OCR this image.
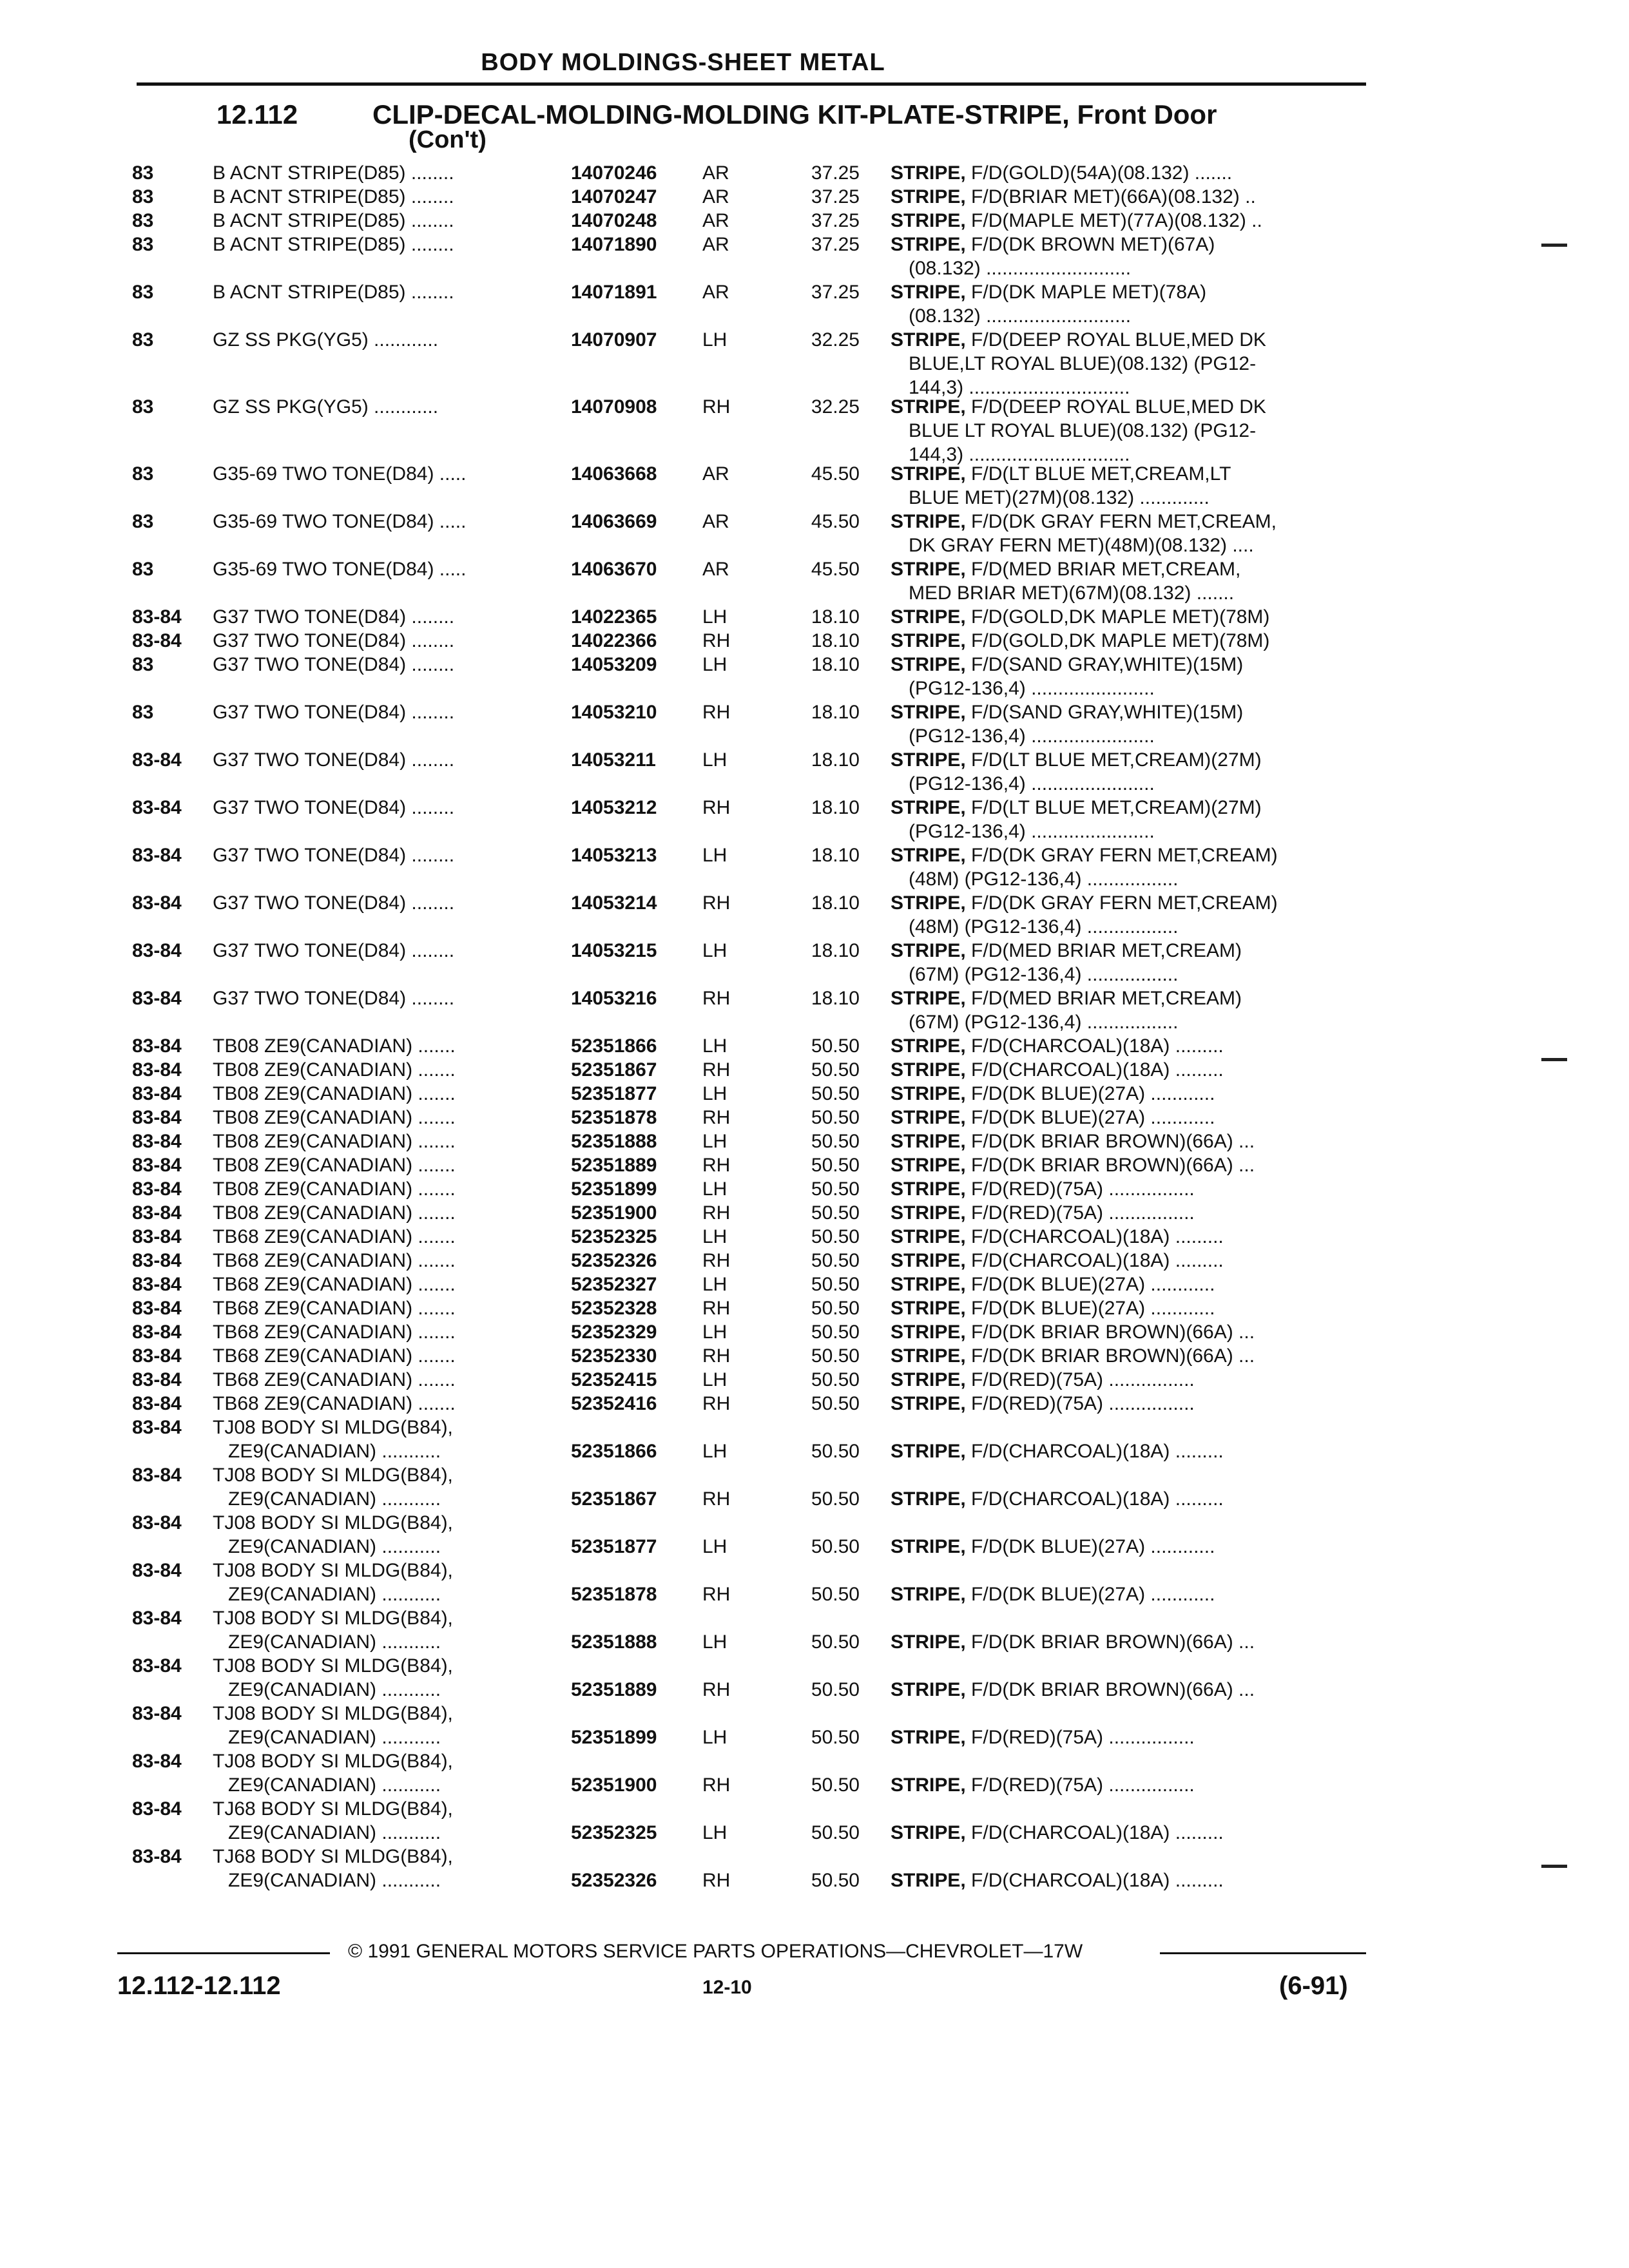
BODY MOLDINGS-SHEET METAL
12.112	CLIP-DECAL-MOLDING-MOLDING KIT-PLATE-STRIPE, Front Door
(Con't)
83	B ACNT STRIPE(D85) ........	14070246 AR	37.25 STRIPE, F/D(GOLD)(54A)(08.132) .......
83	B ACNT STRIPE(D85) ........	14070247 AR	37.25 STRIPE, F/D(BRIAR MET)(66A)(08.132) ..
83	B ACNT STRIPE(D85) ........	14070248 AR	37.25 STRIPE, F/D(MAPLE MET)(77A)(08.132) ..
83	B ACNT STRIPE(D85) ........	14071890 AR	37.25 STRIPE, F/D(DK BROWN MET)(67A)
(08.132) ...........................
83	B ACNT STRIPE(D85) ........	14071891 AR	37.25 STRIPE, F/D(DK MAPLE MET)(78A)
(08.132) ...........................
83	GZ SS PKG(YG5) ............	14070907 LH	32.25 STRIPE, F/D(DEEP ROYAL BLUE,MED DK
BLUE,LT ROYAL BLUE)(08.132) (PG12-
144,3) ..............................
83	GZ SS PKG(YG5) ............	14070908 RH	32.25 STRIPE, F/D(DEEP ROYAL BLUE,MED DK
BLUE LT ROYAL BLUE)(08.132) (PG12-
144,3) ..............................
83	G35-69 TWO TONE(D84) .....	14063668 AR	45.50 STRIPE, F/D(LT BLUE MET,CREAM,LT
BLUE MET)(27M)(08.132) .............
83	G35-69 TWO TONE(D84) .....	14063669 AR	45.50 STRIPE, F/D(DK GRAY FERN MET,CREAM,
DK GRAY FERN MET)(48M)(08.132) ....
83	G35-69 TWO TONE(D84) .....	14063670 AR	45.50 STRIPE, F/D(MED BRIAR MET,CREAM,
MED BRIAR MET)(67M)(08.132) .......
83-84 G37 TWO TONE(D84) ........	14022365 LH	18.10 STRIPE, F/D(GOLD,DK MAPLE MET)(78M)
83-84 G37 TWO TONE(D84) ........	14022366 RH	18.10 STRIPE, F/D(GOLD,DK MAPLE MET)(78M)
83	G37 TWO TONE(D84) ........	14053209 LH	18.10 STRIPE, F/D(SAND GRAY,WHITE)(15M)
(PG12-136,4) .......................
83	G37 TWO TONE(D84) ........	14053210 RH	18.10 STRIPE, F/D(SAND GRAY,WHITE)(15M)
(PG12-136,4) .......................
83-84 G37 TWO TONE(D84) ........	14053211 LH	18.10 STRIPE, F/D(LT BLUE MET,CREAM)(27M)
(PG12-136,4) .......................
83-84 G37 TWO TONE(D84) ........	14053212 RH	18.10 STRIPE, F/D(LT BLUE MET,CREAM)(27M)
(PG12-136,4) .......................
83-84 G37 TWO TONE(D84) ........	14053213 LH	18.10 STRIPE, F/D(DK GRAY FERN MET,CREAM)
(48M) (PG12-136,4) .................
83-84 G37 TWO TONE(D84) ........	14053214 RH	18.10 STRIPE, F/D(DK GRAY FERN MET,CREAM)
(48M) (PG12-136,4) .................
83-84 G37 TWO TONE(D84) ........	14053215 LH	18.10 STRIPE, F/D(MED BRIAR MET,CREAM)
(67M) (PG12-136,4) .................
83-84 G37 TWO TONE(D84) ........	14053216 RH	18.10 STRIPE, F/D(MED BRIAR MET,CREAM)
(67M) (PG12-136,4) .................
83-84 TB08 ZE9(CANADIAN) .......	52351866 LH	50.50 STRIPE, F/D(CHARCOAL)(18A) .........
83-84 TB08 ZE9(CANADIAN) .......	52351867 RH	50.50 STRIPE, F/D(CHARCOAL)(18A) .........
83-84 TB08 ZE9(CANADIAN) .......	52351877 LH	50.50 STRIPE, F/D(DK BLUE)(27A) ............
83-84 TB08 ZE9(CANADIAN) .......	52351878 RH	50.50 STRIPE, F/D(DK BLUE)(27A) ............
83-84 TB08 ZE9(CANADIAN) .......	52351888 LH	50.50 STRIPE, F/D(DK BRIAR BROWN)(66A) ...
83-84 TB08 ZE9(CANADIAN) .......	52351889 RH	50.50 STRIPE, F/D(DK BRIAR BROWN)(66A) ...
83-84 TB08 ZE9(CANADIAN) .......	52351899 LH	50.50 STRIPE, F/D(RED)(75A) ................
83-84 TB08 ZE9(CANADIAN) .......	52351900 RH	50.50 STRIPE, F/D(RED)(75A) ................
83-84 TB68 ZE9(CANADIAN) .......	52352325 LH	50.50 STRIPE, F/D(CHARCOAL)(18A) .........
83-84 TB68 ZE9(CANADIAN) .......	52352326 RH	50.50 STRIPE, F/D(CHARCOAL)(18A) .........
83-84 TB68 ZE9(CANADIAN) .......	52352327 LH	50.50 STRIPE, F/D(DK BLUE)(27A) ............
83-84 TB68 ZE9(CANADIAN) .......	52352328 RH	50.50 STRIPE, F/D(DK BLUE)(27A) ............
83-84 TB68 ZE9(CANADIAN) .......	52352329 LH	50.50 STRIPE, F/D(DK BRIAR BROWN)(66A) ...
83-84 TB68 ZE9(CANADIAN) .......	52352330 RH	50.50 STRIPE, F/D(DK BRIAR BROWN)(66A) ...
83-84 TB68 ZE9(CANADIAN) .......	52352415 LH	50.50 STRIPE, F/D(RED)(75A) ................
83-84 TB68 ZE9(CANADIAN) .......	52352416 RH	50.50 STRIPE, F/D(RED)(75A) ................
83-84 TJ08 BODY SI MLDG(B84),
ZE9(CANADIAN) ...........	52351866 LH	50.50 STRIPE, F/D(CHARCOAL)(18A) .........
83-84 TJ08 BODY SI MLDG(B84),
ZE9(CANADIAN) ...........	52351867 RH	50.50 STRIPE, F/D(CHARCOAL)(18A) .........
83-84 TJ08 BODY SI MLDG(B84),
ZE9(CANADIAN) ...........	52351877 LH	50.50 STRIPE, F/D(DK BLUE)(27A) ............
83-84 TJ08 BODY SI MLDG(B84),
ZE9(CANADIAN) ...........	52351878 RH	50.50 STRIPE, F/D(DK BLUE)(27A) ............
83-84 TJ08 BODY SI MLDG(B84),
ZE9(CANADIAN) ...........	52351888 LH	50.50 STRIPE, F/D(DK BRIAR BROWN)(66A) ...
83-84 TJ08 BODY SI MLDG(B84),
ZE9(CANADIAN) ...........	52351889 RH	50.50 STRIPE, F/D(DK BRIAR BROWN)(66A) ...
83-84 TJ08 BODY SI MLDG(B84),
ZE9(CANADIAN) ...........	52351899 LH	50.50 STRIPE, F/D(RED)(75A) ................
83-84 TJ08 BODY SI MLDG(B84),
ZE9(CANADIAN) ...........	52351900 RH	50.50 STRIPE, F/D(RED)(75A) ................
83-84 TJ68 BODY SI MLDG(B84),
ZE9(CANADIAN) ...........	52352325 LH	50.50 STRIPE, F/D(CHARCOAL)(18A) .........
83-84 TJ68 BODY SI MLDG(B84),
ZE9(CANADIAN) ...........	52352326 RH	50.50 STRIPE, F/D(CHARCOAL)(18A) .........
© 1991 GENERAL MOTORS SERVICE PARTS OPERATIONS—CHEVROLET—17W
12.112-12.112	12-10	(6-91)
